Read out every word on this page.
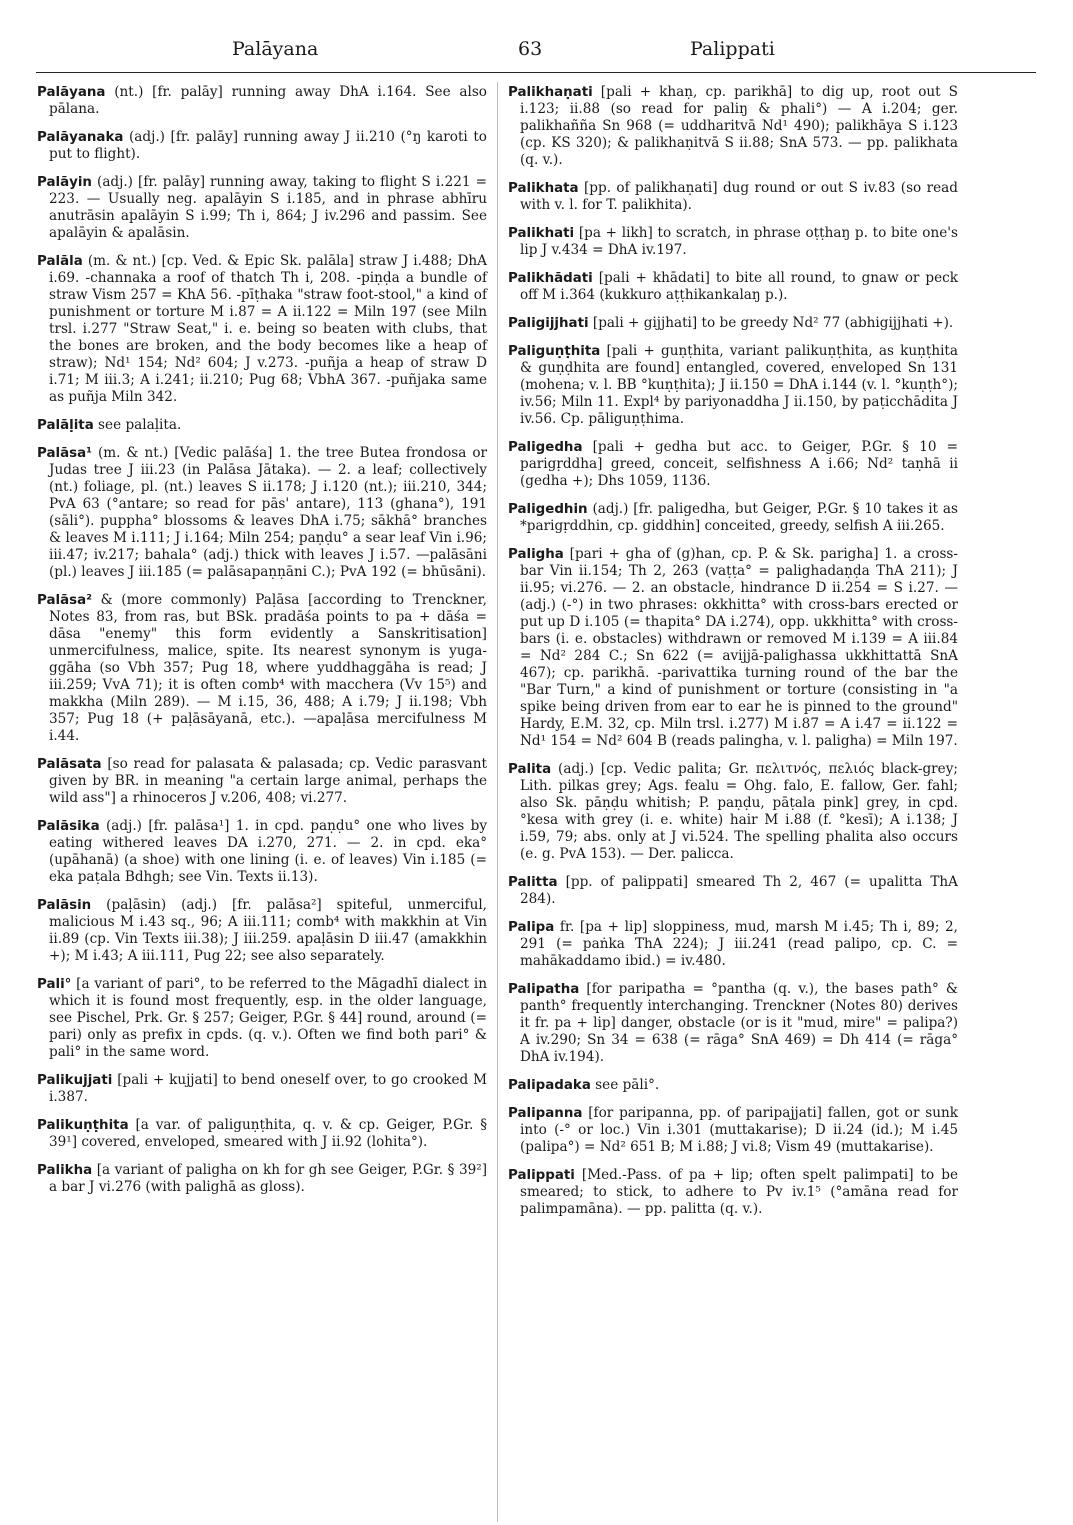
Palāyana	63	Palippati

Palāyana (nt.) [fr. palāy] running away DhA i.164. See also pālana.

Palāyanaka (adj.) [fr. palāy] running away J ii.210 (°ŋ karoti to put to flight).

Palāyin (adj.) [fr. palāy] running away, taking to flight S i.221 = 223. — Usually neg. apalāyin S i.185, and in phrase abhīru anutrāsin apalāyin S i.99; Th i, 864; J iv.296 and passim. See apalāyin & apalāsin.

Palāla (m. & nt.) [cp. Ved. & Epic Sk. palāla] straw J i.488; DhA i.69. -channaka a roof of thatch Th i, 208. -piṇḍa a bundle of straw Vism 257 = KhA 56. -pīṭhaka "straw foot-stool," a kind of punishment or torture M i.87 = A ii.122 = Miln 197 (see Miln trsl. i.277 "Straw Seat," i. e. being so beaten with clubs, that the bones are broken, and the body becomes like a heap of straw); Nd¹ 154; Nd² 604; J v.273. -puñja a heap of straw D i.71; M iii.3; A i.241; ii.210; Pug 68; VbhA 367. -puñjaka same as puñja Miln 342.

Palāḷita see palaḷita.

Palāsa¹ (m. & nt.) [Vedic palāśa] 1. the tree Butea frondosa or Judas tree J iii.23 (in Palāsa Jātaka). — 2. a leaf; collectively (nt.) foliage, pl. (nt.) leaves S ii.178; J i.120 (nt.); iii.210, 344; PvA 63 (°antare; so read for pās' antare), 113 (ghana°), 191 (sāli°). puppha° blossoms & leaves DhA i.75; sākhā° branches & leaves M i.111; J i.164; Miln 254; paṇḍu° a sear leaf Vin i.96; iii.47; iv.217; bahala° (adj.) thick with leaves J i.57. —palāsāni (pl.) leaves J iii.185 (= palāsapaṇṇāni C.); PvA 192 (= bhūsāni).

Palāsa² & (more commonly) Paḷāsa [according to Trenckner, Notes 83, from ras, but BSk. pradāśa points to pa + dāśa = dāsa "enemy" this form evidently a Sanskritisation] unmercifulness, malice, spite. Its nearest synonym is yuga-ggāha (so Vbh 357; Pug 18, where yuddhaggāha is read; J iii.259; VvA 71); it is often comb⁴ with macchera (Vv 15⁵) and makkha (Miln 289). — M i.15, 36, 488; A i.79; J ii.198; Vbh 357; Pug 18 (+ paḷāsāyanā, etc.). —apaḷāsa mercifulness M i.44.

Palāsata [so read for palasata & palasada; cp. Vedic parasvant given by BR. in meaning "a certain large animal, perhaps the wild ass"] a rhinoceros J v.206, 408; vi.277.

Palāsika (adj.) [fr. palāsa¹] 1. in cpd. paṇḍu° one who lives by eating withered leaves DA i.270, 271. — 2. in cpd. eka° (upāhanā) (a shoe) with one lining (i. e. of leaves) Vin i.185 (= eka paṭala Bdhgh; see Vin. Texts ii.13).

Palāsin (paḷāsin) (adj.) [fr. palāsa²] spiteful, unmerciful, malicious M i.43 sq., 96; A iii.111; comb⁴ with makkhin at Vin ii.89 (cp. Vin Texts iii.38); J iii.259. apaḷāsin D iii.47 (amakkhin +); M i.43; A iii.111, Pug 22; see also separately.

Pali° [a variant of pari°, to be referred to the Māgadhī dialect in which it is found most frequently, esp. in the older language, see Pischel, Prk. Gr. § 257; Geiger, P.Gr. § 44] round, around (= pari) only as prefix in cpds. (q. v.). Often we find both pari° & pali° in the same word.

Palikujjati [pali + kujjati] to bend oneself over, to go crooked M i.387.

Palikuṇṭhita [a var. of paliguṇṭhita, q. v. & cp. Geiger, P.Gr. § 39¹] covered, enveloped, smeared with J ii.92 (lohita°).

Palikha [a variant of paligha on kh for gh see Geiger, P.Gr. § 39²] a bar J vi.276 (with palighā as gloss).

Palikhaṇati [pali + khaṇ, cp. parikhā] to dig up, root out S i.123; ii.88 (so read for paliŋ & phali°) — A i.204; ger. palikhañña Sn 968 (= uddharitvā Nd¹ 490); palikhāya S i.123 (cp. KS 320); & palikhaṇitvā S ii.88; SnA 573. — pp. palikhata (q. v.).

Palikhata [pp. of palikhaṇati] dug round or out S iv.83 (so read with v. l. for T. palikhita).

Palikhati [pa + likh] to scratch, in phrase oṭṭhaŋ p. to bite one's lip J v.434 = DhA iv.197.

Palikhādati [pali + khādati] to bite all round, to gnaw or peck off M i.364 (kukkuro aṭṭhikankalaŋ p.).

Paligijjhati [pali + gijjhati] to be greedy Nd² 77 (abhigijjhati +).

Paliguṇṭhita [pali + guṇṭhita, variant palikuṇṭhita, as kuṇṭhita & guṇḍhita are found] entangled, covered, enveloped Sn 131 (mohena; v. l. BB °kuṇṭhita); J ii.150 = DhA i.144 (v. l. °kuṇṭh°); iv.56; Miln 11. Expl⁴ by pariyonaddha J ii.150, by paṭicchādita J iv.56. Cp. pāliguṇṭhima.

Paligedha [pali + gedha but acc. to Geiger, P.Gr. § 10 = parigṛddha] greed, conceit, selfishness A i.66; Nd² taṇhā ii (gedha +); Dhs 1059, 1136.

Paligedhin (adj.) [fr. paligedha, but Geiger, P.Gr. § 10 takes it as *parigṛddhin, cp. giddhin] conceited, greedy, selfish A iii.265.

Paligha [pari + gha of (g)han, cp. P. & Sk. parigha] 1. a cross-bar Vin ii.154; Th 2, 263 (vaṭṭa° = palighadaṇḍa ThA 211); J ii.95; vi.276. — 2. an obstacle, hindrance D ii.254 = S i.27. — (adj.) (-°) in two phrases: okkhitta° with cross-bars erected or put up D i.105 (= thapita° DA i.274), opp. ukkhitta° with cross-bars (i. e. obstacles) withdrawn or removed M i.139 = A iii.84 = Nd² 284 C.; Sn 622 (= avijjā-palighassa ukkhittattā SnA 467); cp. parikhā. -parivattika turning round of the bar the "Bar Turn," a kind of punishment or torture (consisting in "a spike being driven from ear to ear he is pinned to the ground" Hardy, E.M. 32, cp. Miln trsl. i.277) M i.87 = A i.47 = ii.122 = Nd¹ 154 = Nd² 604 B (reads palingha, v. l. paligha) = Miln 197.

Palita (adj.) [cp. Vedic palita; Gr. πελιτνός, πελιός black-grey; Lith. pilkas grey; Ags. fealu = Ohg. falo, E. fallow, Ger. fahl; also Sk. pāṇḍu whitish; P. paṇḍu, pāṭala pink] grey, in cpd. °kesa with grey (i. e. white) hair M i.88 (f. °kesī); A i.138; J i.59, 79; abs. only at J vi.524. The spelling phalita also occurs (e. g. PvA 153). — Der. palicca.

Palitta [pp. of palippati] smeared Th 2, 467 (= upalitta ThA 284).

Palipa fr. [pa + lip] sloppiness, mud, marsh M i.45; Th i, 89; 2, 291 (= paṅka ThA 224); J iii.241 (read palipo, cp. C. = mahākaddamo ibid.) = iv.480.

Palipatha [for paripatha = °pantha (q. v.), the bases path° & panth° frequently interchanging. Trenckner (Notes 80) derives it fr. pa + lip] danger, obstacle (or is it "mud, mire" = palipa?) A iv.290; Sn 34 = 638 (= rāga° SnA 469) = Dh 414 (= rāga° DhA iv.194).

Palipadaka see pāli°.

Palipanna [for paripanna, pp. of paripajjati] fallen, got or sunk into (-° or loc.) Vin i.301 (muttakarise); D ii.24 (id.); M i.45 (palipa°) = Nd² 651 B; M i.88; J vi.8; Vism 49 (muttakarise).

Palippati [Med.-Pass. of pa + lip; often spelt palimpati] to be smeared; to stick, to adhere to Pv iv.1⁵ (°amāna read for palimpamāna). — pp. palitta (q. v.).
